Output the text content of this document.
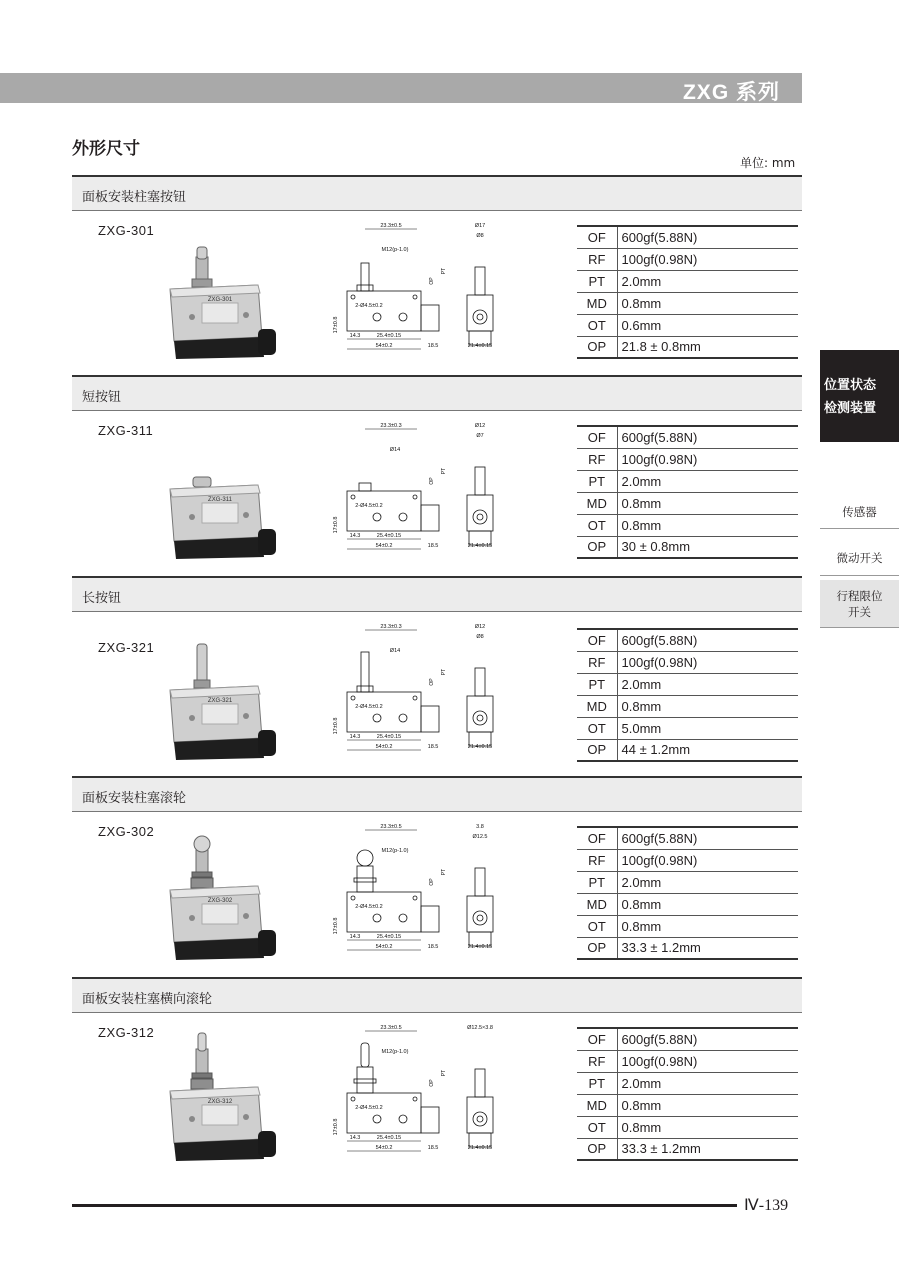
ZXG 系列
外形尺寸
单位: mm
位置状态
检测装置
传感器
微动开关
行程限位
开关
面板安装柱塞按钮
ZXG-301
ZXG-301
23.3±0.5
M12(p-1.0)
2-Ø4.5±0.2
14.3	25.4±0.15
54±0.2	18.5
17±0.8
PT
OP
Ø17
Ø8
21.4±0.15
OF	600gf(5.88N)
RF	100gf(0.98N)
PT	2.0mm
MD	0.8mm
OT	0.6mm
OP	21.8 ± 0.8mm
短按钮
ZXG-311
ZXG-311
23.3±0.3
Ø14
2-Ø4.5±0.2
14.3	25.4±0.15
54±0.2	18.5
17±0.8
PT
OP
Ø12
Ø7
21.4±0.15
OF	600gf(5.88N)
RF	100gf(0.98N)
PT	2.0mm
MD	0.8mm
OT	0.8mm
OP	30 ± 0.8mm
长按钮
ZXG-321
ZXG-321
23.3±0.3
Ø14
2-Ø4.5±0.2
14.3	25.4±0.15
54±0.2	18.5
17±0.8
PT
OP
Ø12
Ø8
21.4±0.15
OF	600gf(5.88N)
RF	100gf(0.98N)
PT	2.0mm
MD	0.8mm
OT	5.0mm
OP	44 ± 1.2mm
面板安装柱塞滚轮
ZXG-302
ZXG-302
23.3±0.5
M12(p-1.0)
2-Ø4.5±0.2
14.3	25.4±0.15
54±0.2	18.5
17±0.8
PT
OP
3.8
Ø12.5
21.4±0.15
OF	600gf(5.88N)
RF	100gf(0.98N)
PT	2.0mm
MD	0.8mm
OT	0.8mm
OP	33.3 ± 1.2mm
面板安装柱塞横向滚轮
ZXG-312
ZXG-312
23.3±0.5
M12(p-1.0)
2-Ø4.5±0.2
14.3	25.4±0.15
54±0.2	18.5
17±0.8
PT
OP
Ø12.5×3.8
21.4±0.15
OF	600gf(5.88N)
RF	100gf(0.98N)
PT	2.0mm
MD	0.8mm
OT	0.8mm
OP	33.3 ± 1.2mm
Ⅳ-139
